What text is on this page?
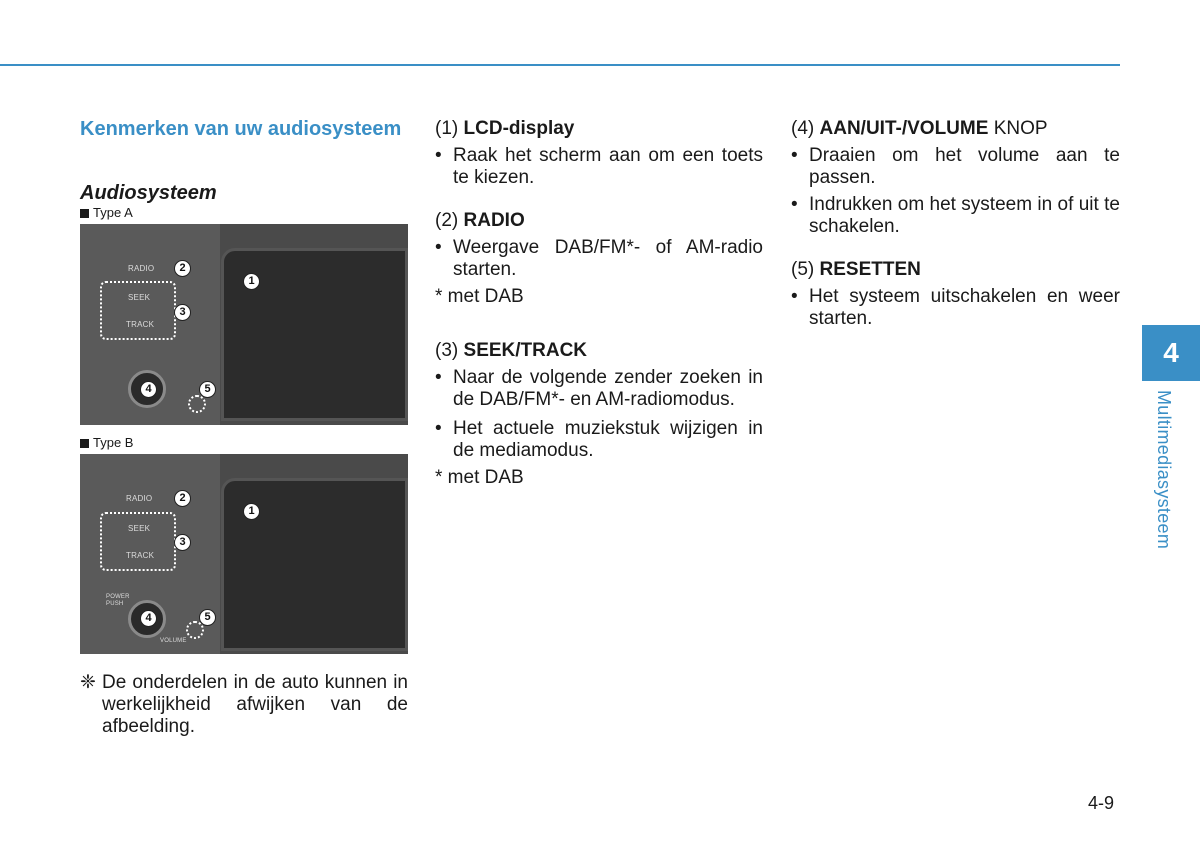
Kenmerken van uw audiosysteem
Audiosysteem
Type A
RADIO
SEEK
TRACK
1
2
3
4	5
Type B
RADIO
SEEK
TRACK
POWER PUSH
VOLUME
1
2
3
4	5
❈ De onderdelen in de auto kunnen in werkelijkheid afwijken van de afbeelding.

(1) LCD-display

• Raak het scherm aan om een toets te kiezen.

(2) RADIO

• Weergave DAB/FM*- of AM-radio starten.
* met DAB

(3) SEEK/TRACK

• Naar de volgende zender zoeken in de DAB/FM*- en AM-radiomodus.
• Het actuele muziekstuk wijzigen in de mediamodus.
* met DAB

(4) AAN/UIT-/VOLUME KNOP

• Draaien om het volume aan te passen.
• Indrukken om het systeem in of uit te schakelen.

(5) RESETTEN

• Het systeem uitschakelen en weer starten.
4
Multimediasysteem
4-9
